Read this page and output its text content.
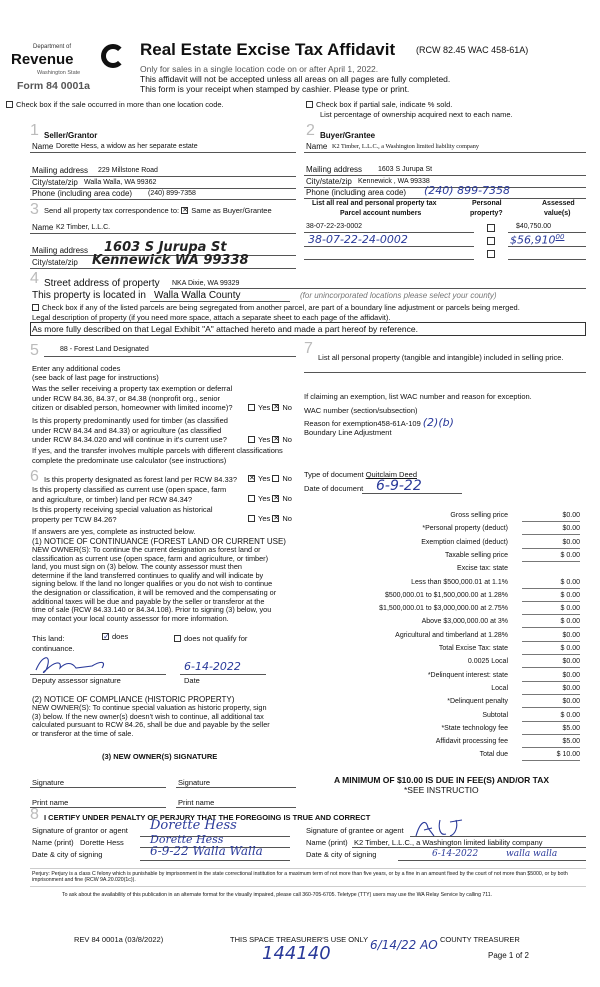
Department of
Revenue
Washington State
Form 84 0001a
Real Estate Excise Tax Affidavit (RCW 82.45 WAC 458-61A)
Only for sales in a single location code on or after April 1, 2022.
This affidavit will not be accepted unless all areas on all pages are fully completed.
This form is your receipt when stamped by cashier. Please type or print.
Check box if the sale occurred in more than one location code.	Check box if partial sale, indicate % sold.
List percentage of ownership acquired next to each name.
1 Seller/Grantor
Name Dorette Hess, a widow as her separate estate
Mailing address 229 Millstone Road
City/state/zip Walla Walla, WA 99362
Phone (including area code) (240) 899-7358
3 Send all property tax correspondence to: ✕ Same as Buyer/Grantee
Name K2 Timber, L.L.C.
Mailing address 1603 S Jurupa St
City/state/zip Kennewick WA 99338
2 Buyer/Grantee
Name K2 Timber, L.L.C., a Washington limited liability company
Mailing address 1603 S Jurupa St
City/state/zip Kennewick , WA 99338
Phone (including area code) (240) 899-7358
List all real and personal property tax
Parcel account numbers
Personal
property?
Assessed
value(s)
38-07-22-23-0002	$40,750.00
38-07-22-24-0002	$56,910$^{00}$
4 Street address of property NKA Dixie, WA 99329
This property is located in Walla Walla County	(for unincorporated locations please select your county)
Check box if any of the listed parcels are being segregated from another parcel, are part of a boundary line adjustment or parcels being merged.
Legal description of property (if you need more space, attach a separate sheet to each page of the affidavit).
As more fully described on that Legal Exhibit "A" attached hereto and made a part hereof by reference.
5	88 - Forest Land Designated
Enter any additional codes
(see back of last page for instructions)
Was the seller receiving a property tax exemption or deferral
under RCW 84.36, 84.37, or 84.38 (nonprofit org., senior
citizen or disabled person, homeowner with limited income)?	Yes ✕ No
Is this property predominantly used for timber (as classified
under RCW 84.34 and 84.33) or agriculture (as classified
under RCW 84.34.020 and will continue in it's current use?	Yes ✕ No
If yes, and the transfer involves multiple parcels with different classifications
complete the predominate use calculator (see instructions)
7
List all personal property (tangible and intangible) included in selling price.
If claiming an exemption, list WAC number and reason for exception.
WAC number (section/subsection)
Reason for exemption458-61A-109 (2)(b)
Boundary Line Adjustment
Type of document Quitclaim Deed
Date of document 6-9-22
6 Is this property designated as forest land per RCW 84.33? ✕ Yes No
Is this property classified as current use (open space, farm
and agriculture, or timber) land per RCW 84.34?	Yes ✕ No
Is this property receiving special valuation as historical
property per TCW 84.26?	Yes ✕ No
If answers are yes, complete as instructed below.
(1) NOTICE OF CONTINUANCE (FOREST LAND OR CURRENT USE)
NEW OWNER(S): To continue the current designation as forest land or
classification as current use (open space, farm and agriculture, or timber)
land, you must sign on (3) below. The county assessor must then
determine if the land transferred continues to qualify and will indicate by
signing below. If the land no longer qualifies or you do not wish to continue
the designation or classification, it will be removed and the compensating or
additional taxes will be due and payable by the seller or transferor at the
time of sale (RCW 84.33.140 or 84.34.108). Prior to signing (3) below, you
may contact your local county assessor for more information.
This land:	✓ does	does not qualify for
continuance.
6-14-2022
Deputy assessor signature	Date
(2) NOTICE OF COMPLIANCE (HISTORIC PROPERTY)
NEW OWNER(S): To continue special valuation as historic property, sign
(3) below. If the new owner(s) doesn't wish to continue, all additional tax
calculated pursuant to RCW 84.26, shall be due and payable by the seller
or transferor at the time of sale.
(3) NEW OWNER(S) SIGNATURE
Signature	Signature
Print name	Print name
Gross selling price	$0.00
*Personal property (deduct)	$0.00
Exemption claimed (deduct)	$0.00
Taxable selling price	$ 0.00
Excise tax: state
Less than $500,000.01 at 1.1%	$ 0.00
$500,000.01 to $1,500,000.00 at 1.28%	$ 0.00
$1,500,000.01 to $3,000,000.00 at 2.75%	$ 0.00
Above $3,000,000.00 at 3%	$ 0.00
Agricultural and timberland at 1.28%	$0.00
Total Excise Tax: state	$ 0.00
0.0025 Local	$0.00
*Delinquent interest: state	$0.00
Local	$0.00
*Delinquent penalty	$0.00
Subtotal	$ 0.00
*State technology fee	$5.00
Affidavit processing fee	$5.00
Total due	$ 10.00
A MINIMUM OF $10.00 IS DUE IN FEE(S) AND/OR TAX
*SEE INSTRUCTIO
8 I CERTIFY UNDER PENALTY OF PERJURY THAT THE FOREGOING IS TRUE AND CORRECT
Signature of grantor or agent Dorette Hess
Name (print) Dorette Hess Dorette Hess
Date & city of signing	6-9-22 Walla Walla
Signature of grantee or agent
Name (print) K2 Timber, L.L.C., a Washington limited liability company
Date & city of signing	6-14-2022	walla walla
Perjury: Perjury is a class C felony which is punishable by imprisonment in the state correctional institution for a maximum term of not more than five years, or by a fine in an amount fixed by the court of not more than $5000, or by both imprisonment and fine (RCW 9A.20.020(1c)).
To ask about the availability of this publication in an alternate format for the visually impaired, please call 360-705-6705. Teletype (TTY) users may use the WA Relay Service by calling 711.
REV 84 0001a (03/8/2022)	THIS SPACE TREASURER'S USE ONLY	COUNTY TREASURER
144140	6/14/22 AO
Page 1 of 2
